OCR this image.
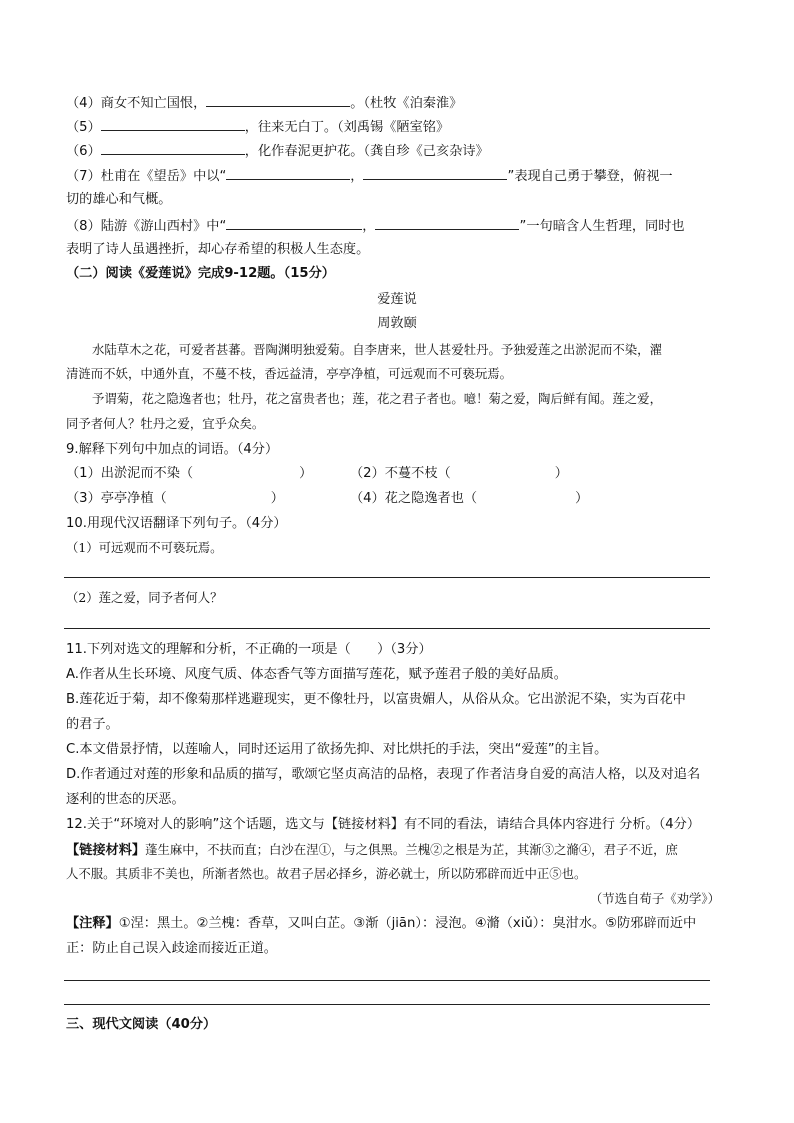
（4）商女不知亡国恨，	。（杜牧《泊秦淮》
（5）	，往来无白丁。（刘禹锡《陋室铭》
（6）	，化作春泥更护花。（龚自珍《己亥杂诗》
（7）杜甫在《望岳》中以“	，	”表现自己勇于攀登，俯视一
切的雄心和气概。
（8）陆游《游山西村》中“	，	”一句暗含人生哲理，同时也
表明了诗人虽遇挫折，却心存希望的积极人生态度。
（二）阅读《爱莲说》完成9-12题。（15分）
爱莲说
周敦颐
水陆草木之花，可爱者甚蕃。晋陶渊明独爱菊。自李唐来，世人甚爱牡丹。予独爱莲之出淤泥而不染，濯
清涟而不妖，中通外直，不蔓不枝，香远益清，亭亭净植，可远观而不可亵玩焉。
予谓菊，花之隐逸者也；牡丹，花之富贵者也；莲，花之君子者也。噫！菊之爱，陶后鲜有闻。莲之爱，
同予者何人？牡丹之爱，宜乎众矣。
9.解释下列句中加点的词语。（4分）
（1）出淤泥而不染（	）	（2）不蔓不枝（	）
（3）亭亭净植（	）	（4）花之隐逸者也（	）
10.用现代汉语翻译下列句子。（4分）
（1）可远观而不可亵玩焉。
（2）莲之爱，同予者何人？
11.下列对选文的理解和分析，不正确的一项是（　　）（3分）
A.作者从生长环境、风度气质、体态香气等方面描写莲花，赋予莲君子般的美好品质。
B.莲花近于菊，却不像菊那样逃避现实，更不像牡丹，以富贵媚人，从俗从众。它出淤泥不染，实为百花中
的君子。
C.本文借景抒情，以莲喻人，同时还运用了欲扬先抑、对比烘托的手法，突出“爱莲”的主旨。
D.作者通过对莲的形象和品质的描写，歌颂它坚贞高洁的品格，表现了作者洁身自爱的高洁人格，以及对追名
逐利的世态的厌恶。
12.关于“环境对人的影响”这个话题，选文与【链接材料】有不同的看法，请结合具体内容进行 分析。（4分）
【链接材料】蓬生麻中，不扶而直；白沙在涅①，与之俱黑。兰槐②之根是为芷，其渐③之滫④，君子不近，庶
人不服。其质非不美也，所渐者然也。故君子居必择乡，游必就士，所以防邪辟而近中正⑤也。
（节选自荀子《劝学》）
【注释】①涅：黑土。②兰槐：香草，又叫白芷。③渐（jiān）：浸泡。④滫（xiǔ）：臭泔水。⑤防邪辟而近中
正：防止自己误入歧途而接近正道。
三、现代文阅读（40分）
